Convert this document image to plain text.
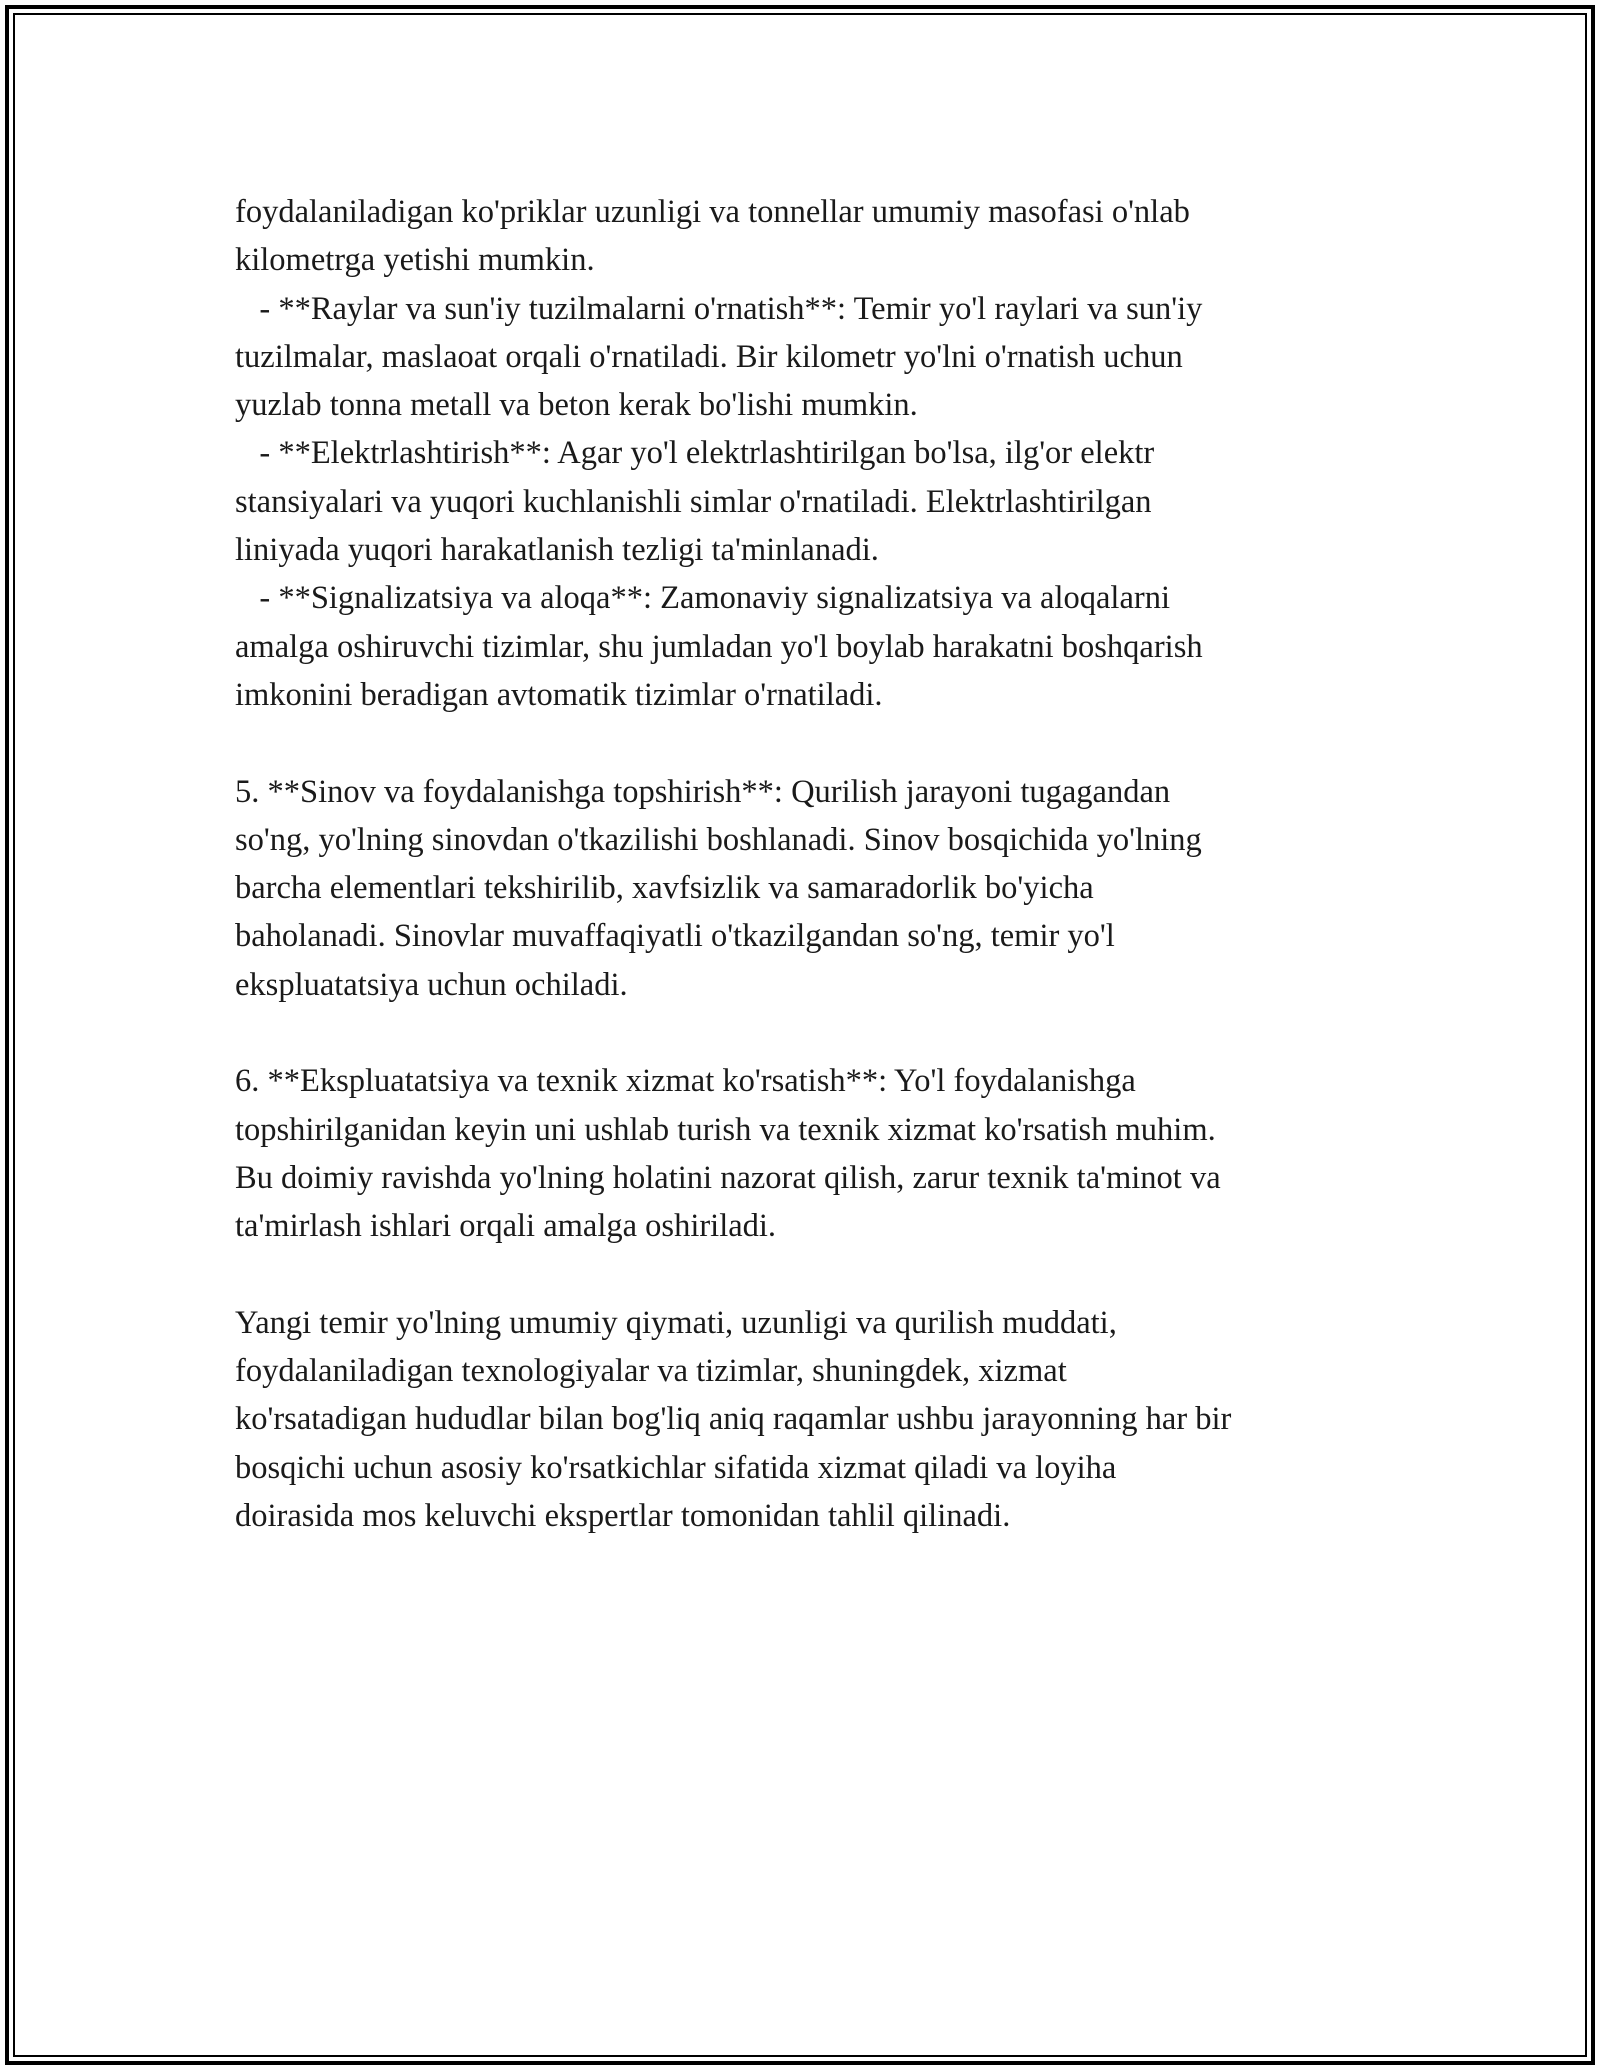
foydalaniladigan ko'priklar uzunligi va tonnellar umumiy masofasi o'nlab
kilometrga yetishi mumkin.
- **Raylar va sun'iy tuzilmalarni o'rnatish**: Temir yo'l raylari va sun'iy
tuzilmalar, maslaoat orqali o'rnatiladi. Bir kilometr yo'lni o'rnatish uchun
yuzlab tonna metall va beton kerak bo'lishi mumkin.
- **Elektrlashtirish**: Agar yo'l elektrlashtirilgan bo'lsa, ilg'or elektr
stansiyalari va yuqori kuchlanishli simlar o'rnatiladi. Elektrlashtirilgan
liniyada yuqori harakatlanish tezligi ta'minlanadi.
- **Signalizatsiya va aloqa**: Zamonaviy signalizatsiya va aloqalarni
amalga oshiruvchi tizimlar, shu jumladan yo'l boylab harakatni boshqarish
imkonini beradigan avtomatik tizimlar o'rnatiladi.
5. **Sinov va foydalanishga topshirish**: Qurilish jarayoni tugagandan
so'ng, yo'lning sinovdan o'tkazilishi boshlanadi. Sinov bosqichida yo'lning
barcha elementlari tekshirilib, xavfsizlik va samaradorlik bo'yicha
baholanadi. Sinovlar muvaffaqiyatli o'tkazilgandan so'ng, temir yo'l
ekspluatatsiya uchun ochiladi.
6. **Ekspluatatsiya va texnik xizmat ko'rsatish**: Yo'l foydalanishga
topshirilganidan keyin uni ushlab turish va texnik xizmat ko'rsatish muhim.
Bu doimiy ravishda yo'lning holatini nazorat qilish, zarur texnik ta'minot va
ta'mirlash ishlari orqali amalga oshiriladi.
Yangi temir yo'lning umumiy qiymati, uzunligi va qurilish muddati,
foydalaniladigan texnologiyalar va tizimlar, shuningdek, xizmat
ko'rsatadigan hududlar bilan bog'liq aniq raqamlar ushbu jarayonning har bir
bosqichi uchun asosiy ko'rsatkichlar sifatida xizmat qiladi va loyiha
doirasida mos keluvchi ekspertlar tomonidan tahlil qilinadi.
